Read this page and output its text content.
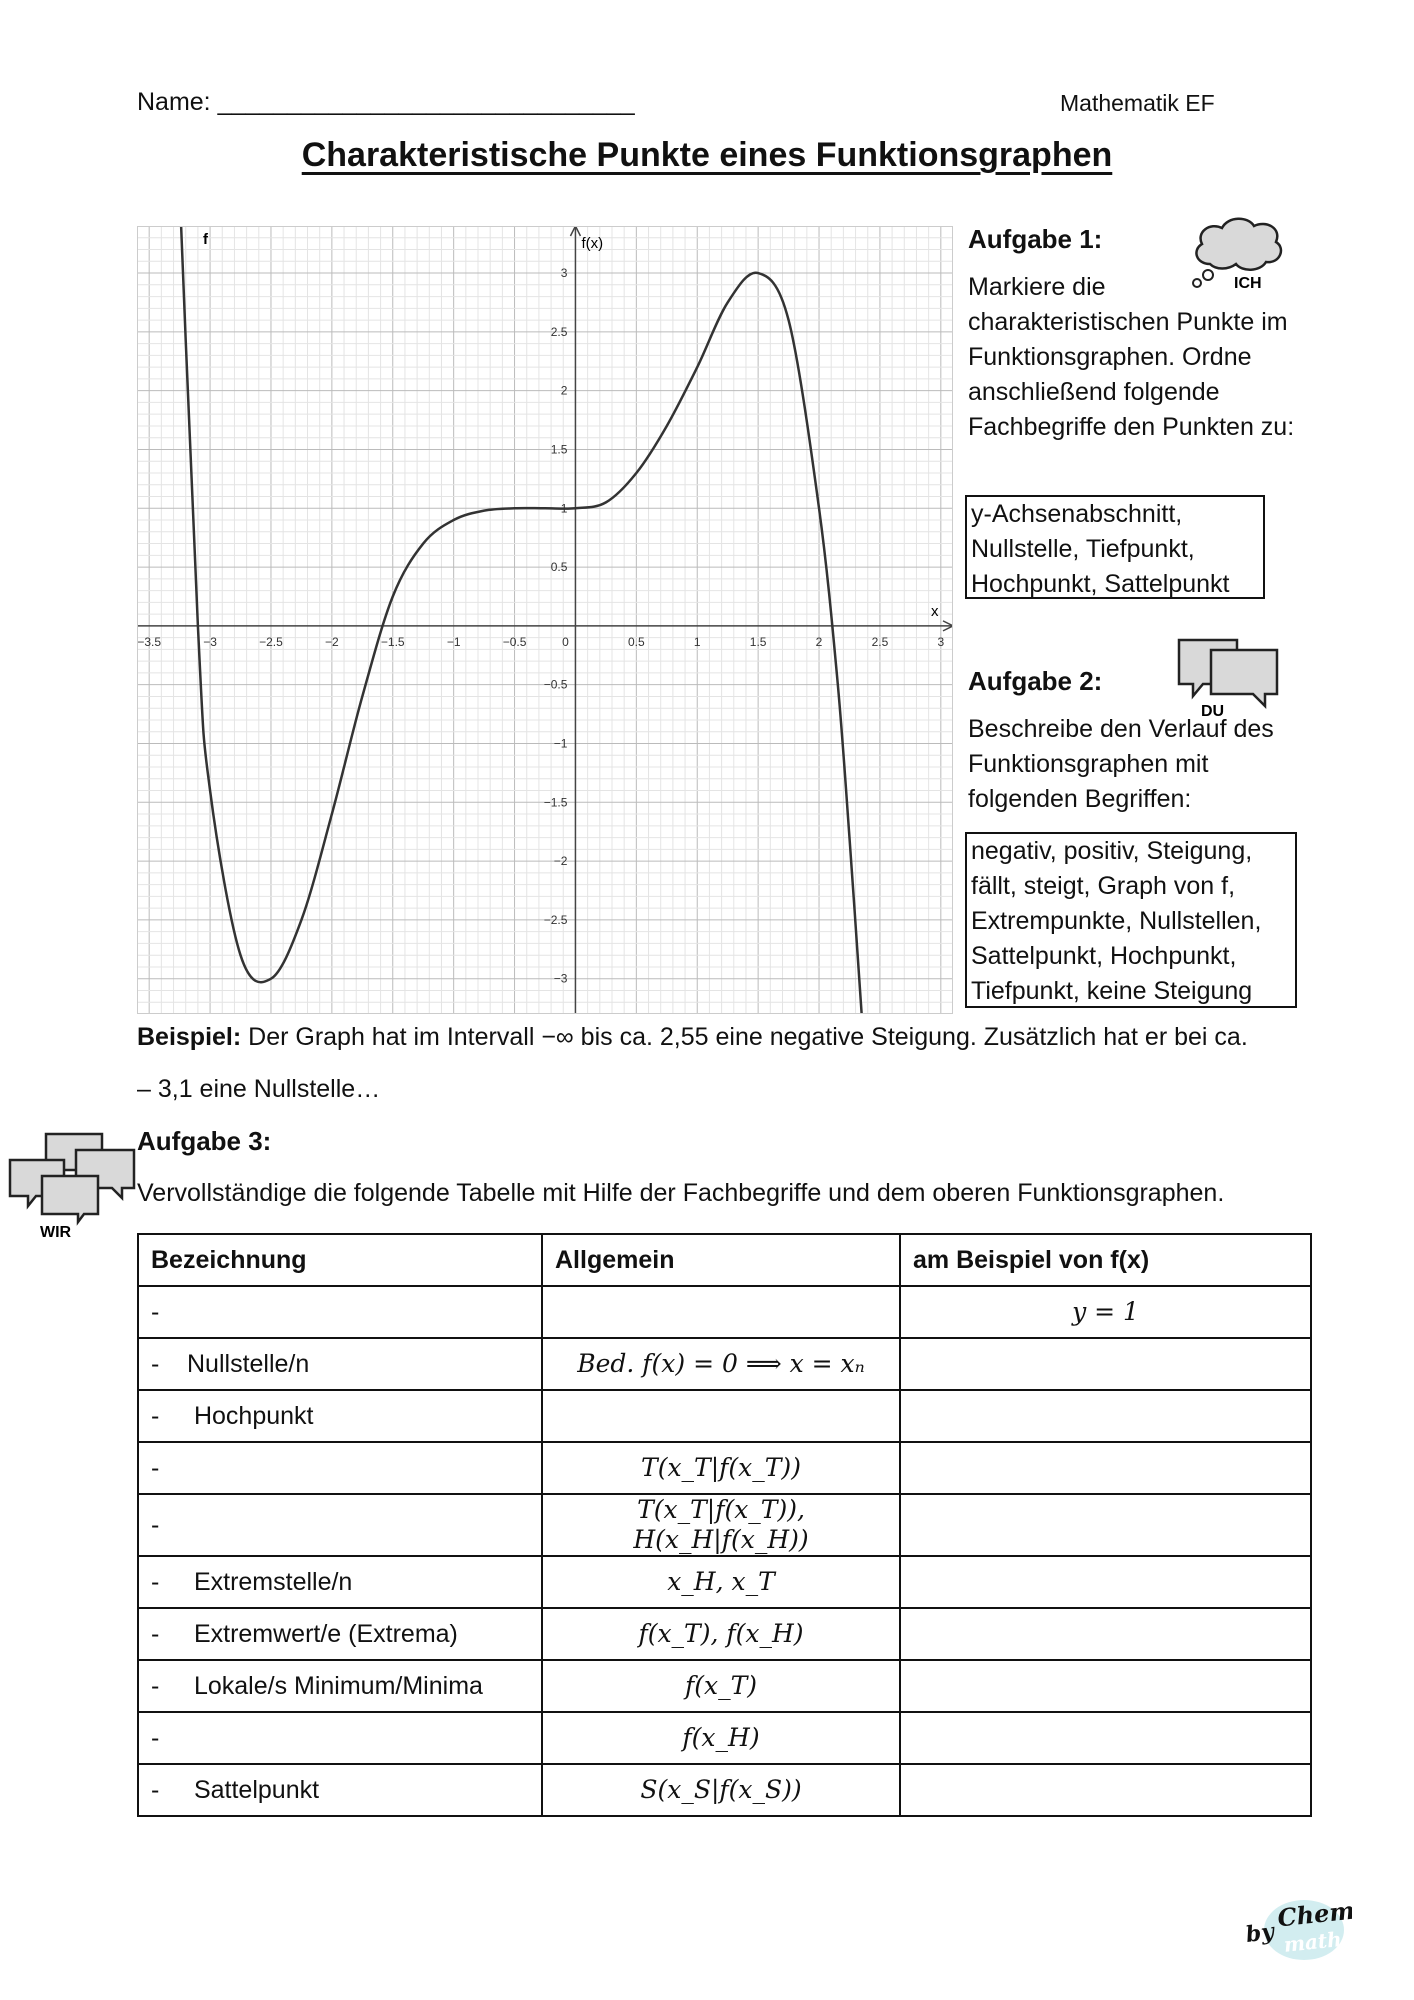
Name: ______________________________	Mathematik EF
Charakteristische Punkte eines Funktionsgraphen
−3.5	−3	−2.5	−2	−1.5	−1	−0.5	0	0.5	1	1.5	2	2.5	3
3
2.5
2
1.5
1
0.5
−0.5
−1
−1.5
−2
−2.5
−3
f(x)
x
f	Aufgabe 1:
ICH
Markiere die charakteristischen Punkte im Funktionsgraphen. Ordne anschließend folgende Fachbegriffe den Punkten zu:
y-Achsenabschnitt,
Nullstelle, Tiefpunkt,
Hochpunkt, Sattelpunkt
Aufgabe 2:
DU
Beschreibe den Verlauf des Funktionsgraphen mit folgenden Begriffen:
negativ, positiv, Steigung,
fällt, steigt, Graph von f,
Extrempunkte, Nullstellen,
Sattelpunkt, Hochpunkt,
Tiefpunkt, keine Steigung
Beispiel: Der Graph hat im Intervall −∞ bis ca. 2,55 eine negative Steigung. Zusätzlich hat er bei ca.
– 3,1 eine Nullstelle…
WIR
Aufgabe 3:
Vervollständige die folgende Tabelle mit Hilfe der Fachbegriffe und dem oberen Funktionsgraphen.
Bezeichnung	Allgemein	am Beispiel von f(x)
-		y = 1
- Nullstelle/n	Bed. f(x) = 0 ⟹ x = xₙ	
- Hochpunkt		
-	T(x_T|f(x_T))	
-	T(x_T|f(x_T)), H(x_H|f(x_H))	
- Extremstelle/n	x_H, x_T	
- Extremwert/e (Extrema)	f(x_T), f(x_H)	
- Lokale/s Minimum/Minima	f(x_T)	
-	f(x_H)	
- Sattelpunkt	S(x_S|f(x_S))	
by
Chem
math
